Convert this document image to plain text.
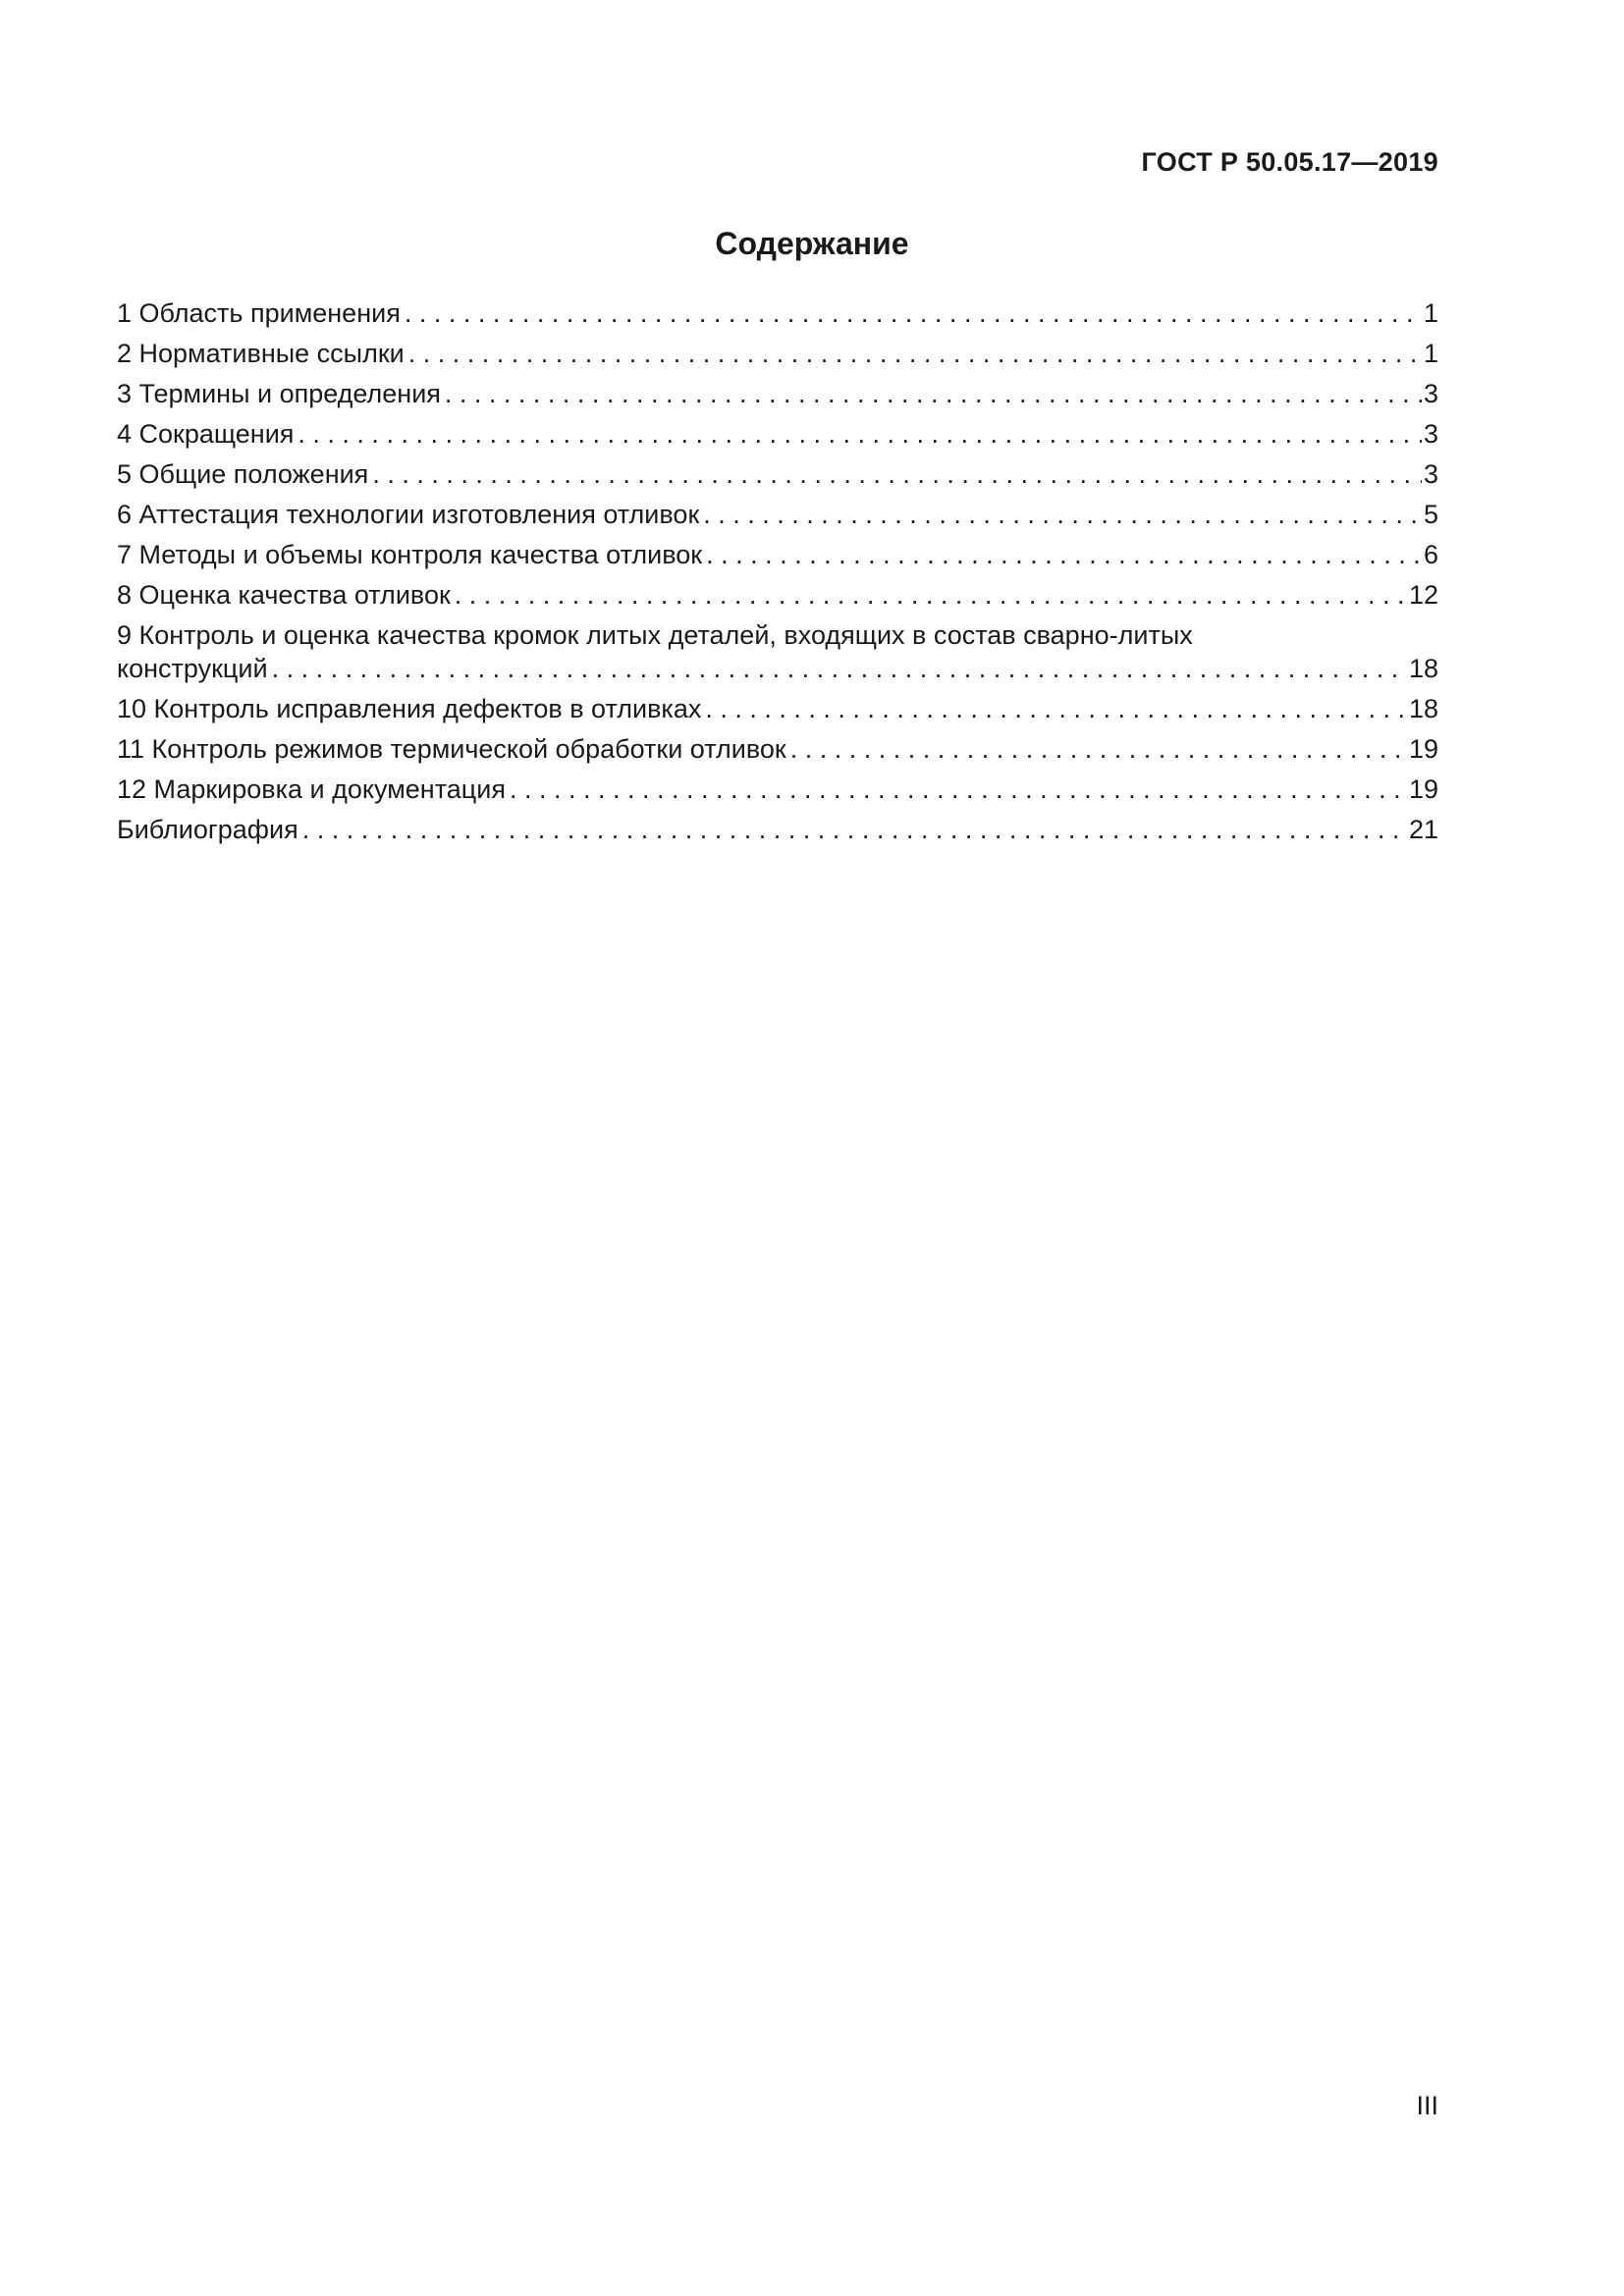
ГОСТ Р 50.05.17—2019
Содержание
1 Область применения . . .	1
2 Нормативные ссылки . . .	1
3 Термины и определения . . .	3
4 Сокращения . . .	3
5 Общие положения . . .	3
6 Аттестация технологии изготовления отливок . . .	5
7 Методы и объемы контроля качества отливок . . .	6
8 Оценка качества отливок . . .	12
9 Контроль и оценка качества кромок литых деталей, входящих в состав сварно-литых
конструкций . . .	18
10 Контроль исправления дефектов в отливках . . .	18
11 Контроль режимов термической обработки отливок . . .	19
12 Маркировка и документация . . .	19
Библиография . . .	21
III
